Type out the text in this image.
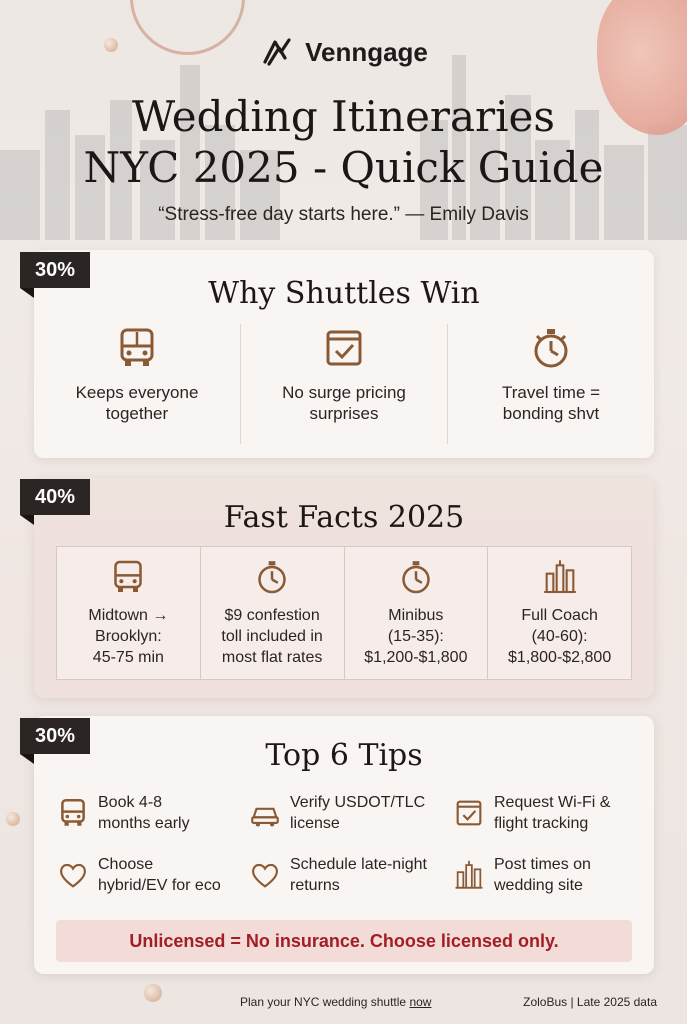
Venngage
Wedding Itineraries
NYC 2025 - Quick Guide
“Stress-free day starts here.” — Emily Davis
Why Shuttles Win
Keeps everyone
together
No surge pricing
surprises
Travel time =
bonding shvt
30%
Fast Facts 2025
Midtown →
Brooklyn:
45-75 min
$9 confestion
toll included in
most flat rates
Minibus
(15-35):
$1,200-$1,800
Full Coach
(40-60):
$1,800-$2,800
40%
Top 6 Tips
Book 4-8
months early
Verify USDOT/TLC
license
Request Wi-Fi &
flight tracking
Choose
hybrid/EV for eco
Schedule late-night
returns
Post times on
wedding site
Unlicensed = No insurance. Choose licensed only.
30%
Plan your NYC wedding shuttle now	ZoloBus | Late 2025 data
